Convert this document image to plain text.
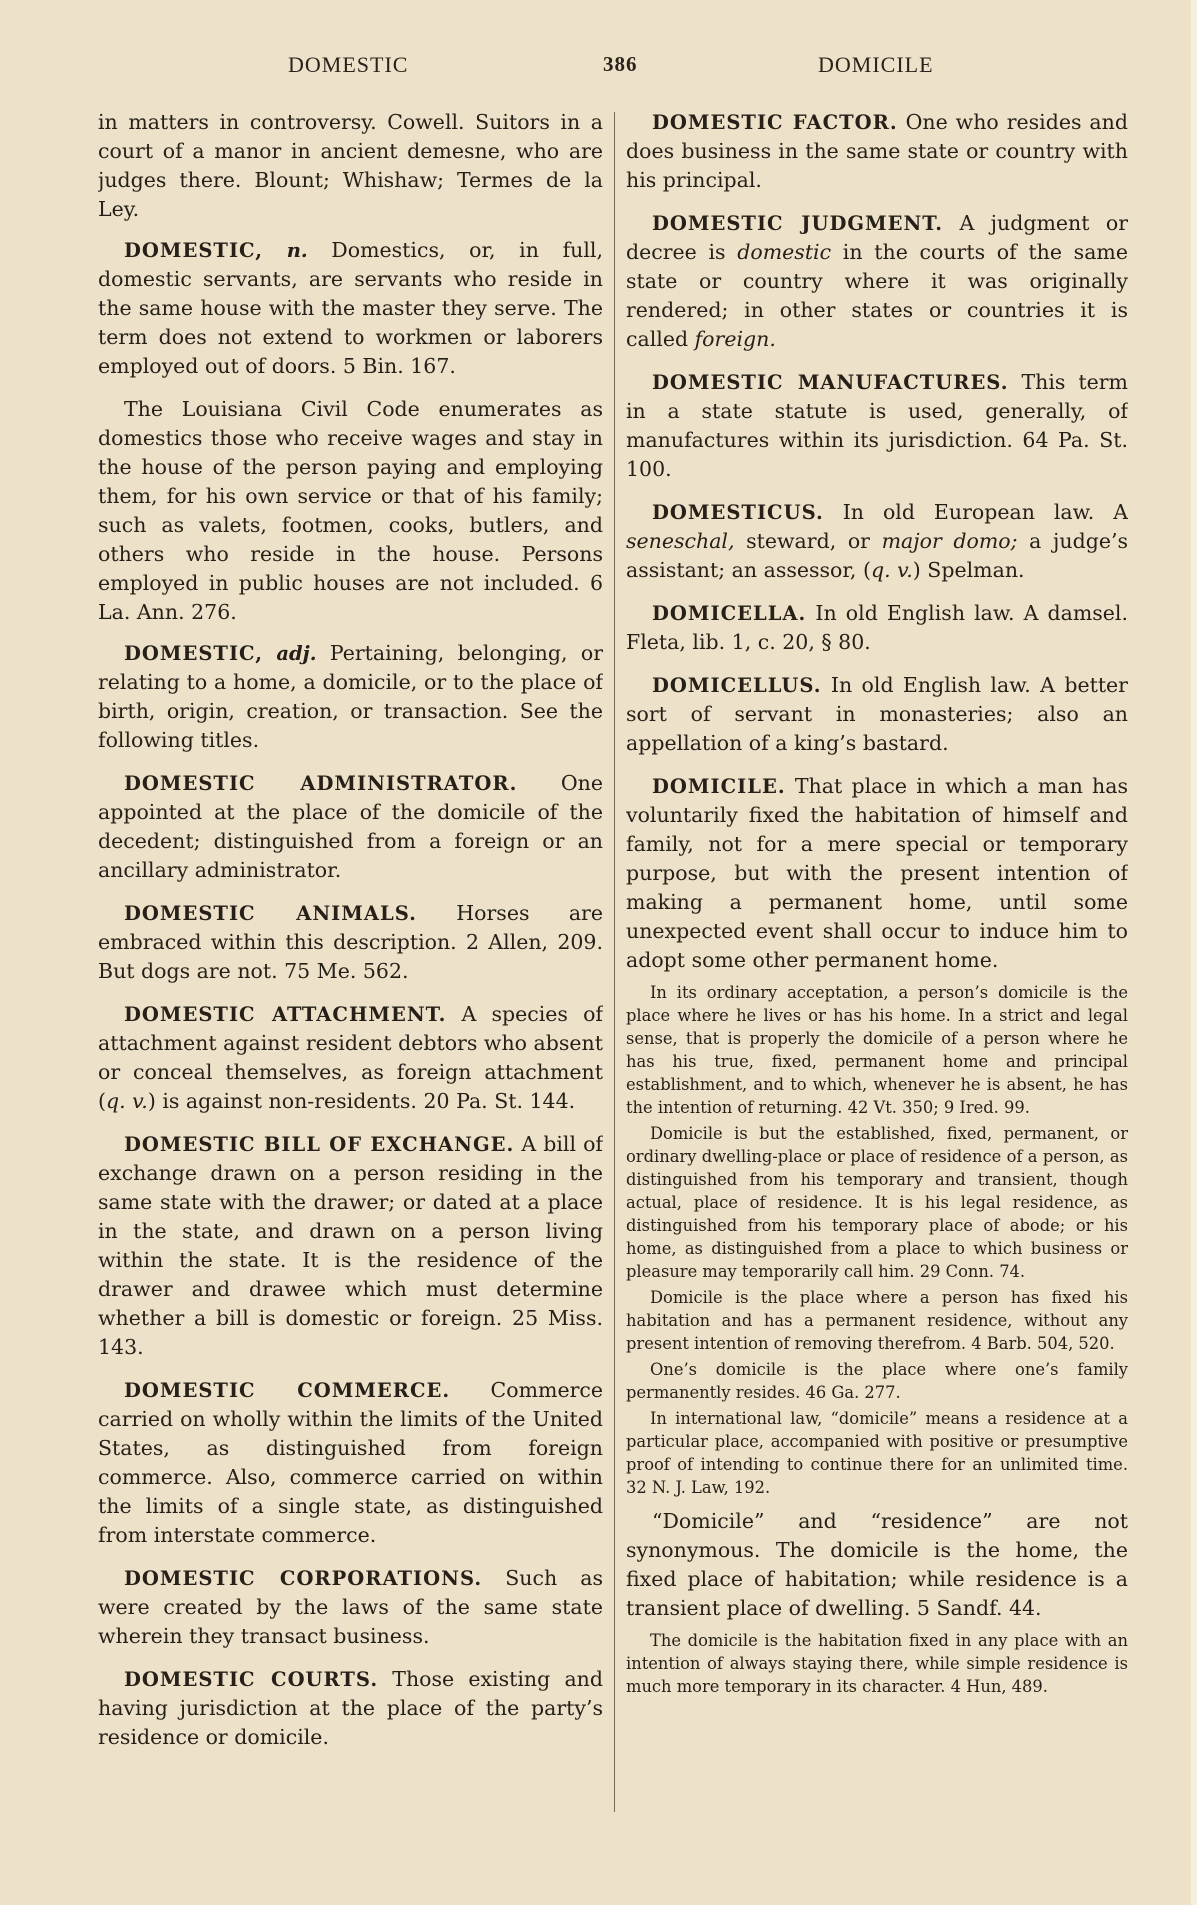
DOMESTIC	386	DOMICILE

in matters in controversy. Cowell. Suitors in a court of a manor in ancient demesne, who are judges there. Blount; Whishaw; Termes de la Ley.

DOMESTIC, n. Domestics, or, in full, domestic servants, are servants who reside in the same house with the master they serve. The term does not extend to workmen or laborers employed out of doors. 5 Bin. 167.

The Louisiana Civil Code enumerates as domestics those who receive wages and stay in the house of the person paying and employing them, for his own service or that of his family; such as valets, footmen, cooks, butlers, and others who reside in the house. Persons employed in public houses are not included. 6 La. Ann. 276.

DOMESTIC, adj. Pertaining, belonging, or relating to a home, a domicile, or to the place of birth, origin, creation, or transaction. See the following titles.

DOMESTIC ADMINISTRATOR. One appointed at the place of the domicile of the decedent; distinguished from a foreign or an ancillary administrator.

DOMESTIC ANIMALS. Horses are embraced within this description. 2 Allen, 209. But dogs are not. 75 Me. 562.

DOMESTIC ATTACHMENT. A species of attachment against resident debtors who absent or conceal themselves, as foreign attachment (q. v.) is against non-residents. 20 Pa. St. 144.

DOMESTIC BILL OF EXCHANGE. A bill of exchange drawn on a person residing in the same state with the drawer; or dated at a place in the state, and drawn on a person living within the state. It is the residence of the drawer and drawee which must determine whether a bill is domestic or foreign. 25 Miss. 143.

DOMESTIC COMMERCE. Commerce carried on wholly within the limits of the United States, as distinguished from foreign commerce. Also, commerce carried on within the limits of a single state, as distinguished from interstate commerce.

DOMESTIC CORPORATIONS. Such as were created by the laws of the same state wherein they transact business.

DOMESTIC COURTS. Those existing and having jurisdiction at the place of the party’s residence or domicile.

DOMESTIC FACTOR. One who resides and does business in the same state or country with his principal.

DOMESTIC JUDGMENT. A judgment or decree is domestic in the courts of the same state or country where it was originally rendered; in other states or countries it is called foreign.

DOMESTIC MANUFACTURES. This term in a state statute is used, generally, of manufactures within its jurisdiction. 64 Pa. St. 100.

DOMESTICUS. In old European law. A seneschal, steward, or major domo; a judge’s assistant; an assessor, (q. v.) Spelman.

DOMICELLA. In old English law. A damsel. Fleta, lib. 1, c. 20, § 80.

DOMICELLUS. In old English law. A better sort of servant in monasteries; also an appellation of a king’s bastard.

DOMICILE. That place in which a man has voluntarily fixed the habitation of himself and family, not for a mere special or temporary purpose, but with the present intention of making a permanent home, until some unexpected event shall occur to induce him to adopt some other permanent home.

In its ordinary acceptation, a person’s domicile is the place where he lives or has his home. In a strict and legal sense, that is properly the domicile of a person where he has his true, fixed, permanent home and principal establishment, and to which, whenever he is absent, he has the intention of returning. 42 Vt. 350; 9 Ired. 99.

Domicile is but the established, fixed, permanent, or ordinary dwelling-place or place of residence of a person, as distinguished from his temporary and transient, though actual, place of residence. It is his legal residence, as distinguished from his temporary place of abode; or his home, as distinguished from a place to which business or pleasure may temporarily call him. 29 Conn. 74.

Domicile is the place where a person has fixed his habitation and has a permanent residence, without any present intention of removing therefrom. 4 Barb. 504, 520.

One’s domicile is the place where one’s family permanently resides. 46 Ga. 277.

In international law, “domicile” means a residence at a particular place, accompanied with positive or presumptive proof of intending to continue there for an unlimited time. 32 N. J. Law, 192.

“Domicile” and “residence” are not synonymous. The domicile is the home, the fixed place of habitation; while residence is a transient place of dwelling. 5 Sandf. 44.

The domicile is the habitation fixed in any place with an intention of always staying there, while simple residence is much more temporary in its character. 4 Hun, 489.
